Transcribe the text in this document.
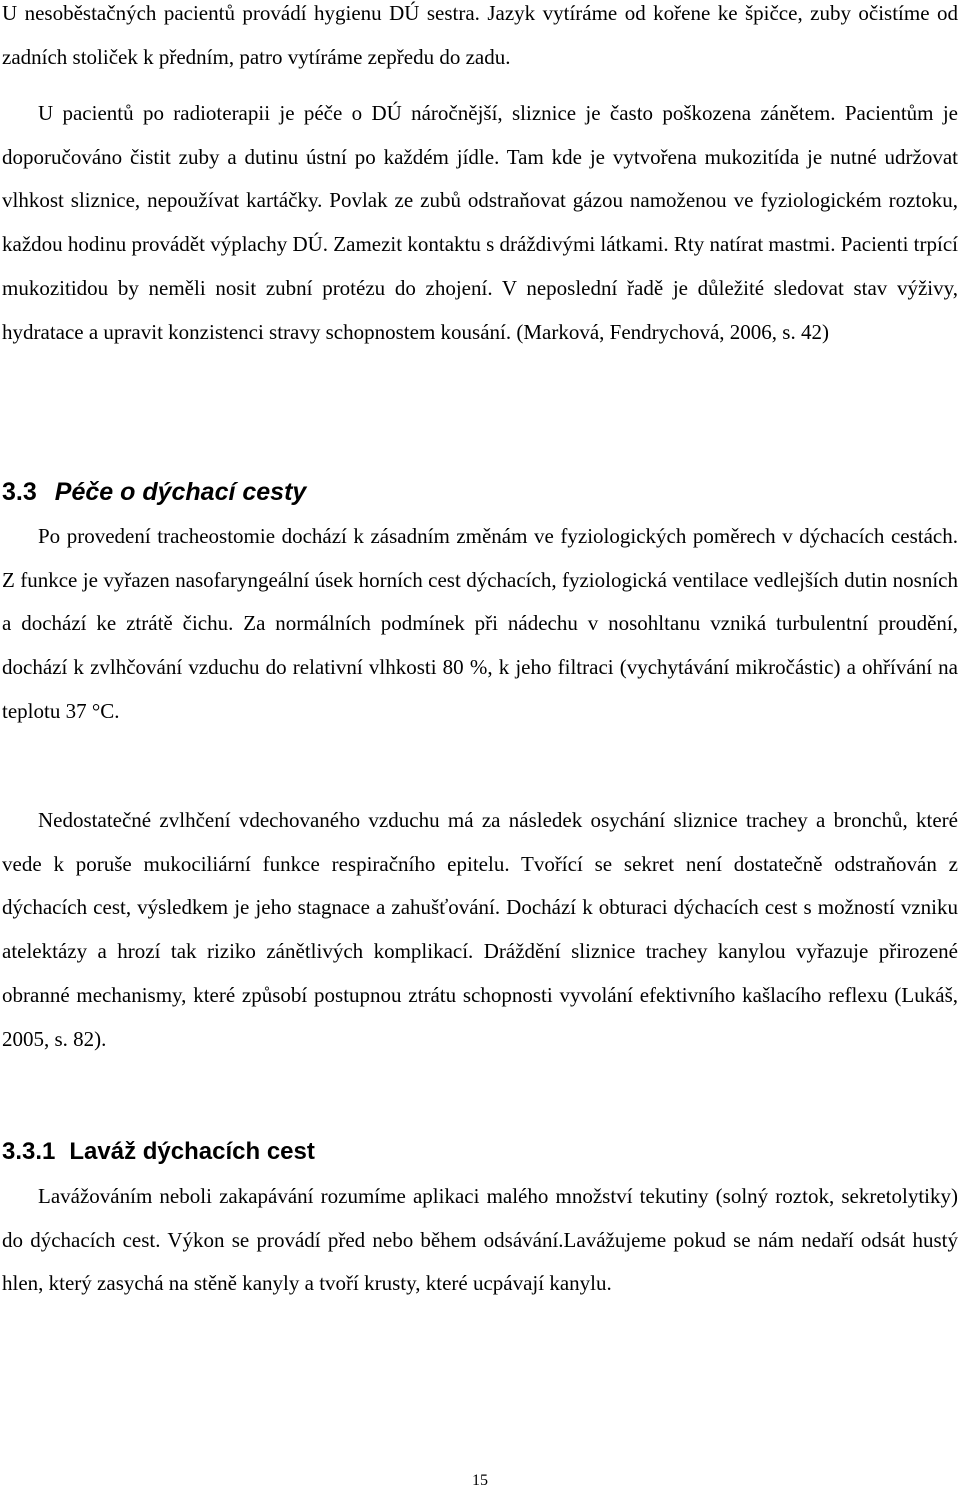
U nesoběstačných pacientů provádí hygienu DÚ sestra. Jazyk vytíráme od kořene ke špičce, zuby očistíme od zadních stoliček k předním, patro vytíráme zepředu do zadu.

U pacientů po radioterapii je péče o DÚ náročnější, sliznice je často poškozena zánětem. Pacientům je doporučováno čistit zuby a dutinu ústní po každém jídle. Tam kde je vytvořena mukozitída je nutné udržovat vlhkost sliznice, nepoužívat kartáčky. Povlak ze zubů odstraňovat gázou namoženou ve fyziologickém roztoku, každou hodinu provádět výplachy DÚ. Zamezit kontaktu s dráždivými látkami. Rty natírat mastmi. Pacienti trpící mukozitidou by neměli nosit zubní protézu do zhojení. V neposlední řadě je důležité sledovat stav výživy, hydratace a upravit konzistenci stravy schopnostem kousání. (Marková, Fendrychová, 2006, s. 42)

3.3 Péče o dýchací cesty

Po provedení tracheostomie dochází k zásadním změnám ve fyziologických poměrech v dýchacích cestách. Z funkce je vyřazen nasofaryngeální úsek horních cest dýchacích, fyziologická ventilace vedlejších dutin nosních a dochází ke ztrátě čichu. Za normálních podmínek při nádechu v nosohltanu vzniká turbulentní proudění, dochází k zvlhčování vzduchu do relativní vlhkosti 80 %, k jeho filtraci (vychytávání mikročástic) a ohřívání na teplotu 37 °C.

Nedostatečné zvlhčení vdechovaného vzduchu má za následek osychání sliznice trachey a bronchů, které vede k poruše mukociliární funkce respiračního epitelu. Tvořící se sekret není dostatečně odstraňován z dýchacích cest, výsledkem je jeho stagnace a zahušťování. Dochází k obturaci dýchacích cest s možností vzniku atelektázy a hrozí tak riziko zánětlivých komplikací. Dráždění sliznice trachey kanylou vyřazuje přirozené obranné mechanismy, které způsobí postupnou ztrátu schopnosti vyvolání efektivního kašlacího reflexu (Lukáš, 2005, s. 82).

3.3.1 Laváž dýchacích cest

Lavážováním neboli zakapávání rozumíme aplikaci malého množství tekutiny (solný roztok, sekretolytiky) do dýchacích cest. Výkon se provádí před nebo během odsávání.Lavážujeme pokud se nám nedaří odsát hustý hlen, který zasychá na stěně kanyly a tvoří krusty, které ucpávají kanylu.

15
